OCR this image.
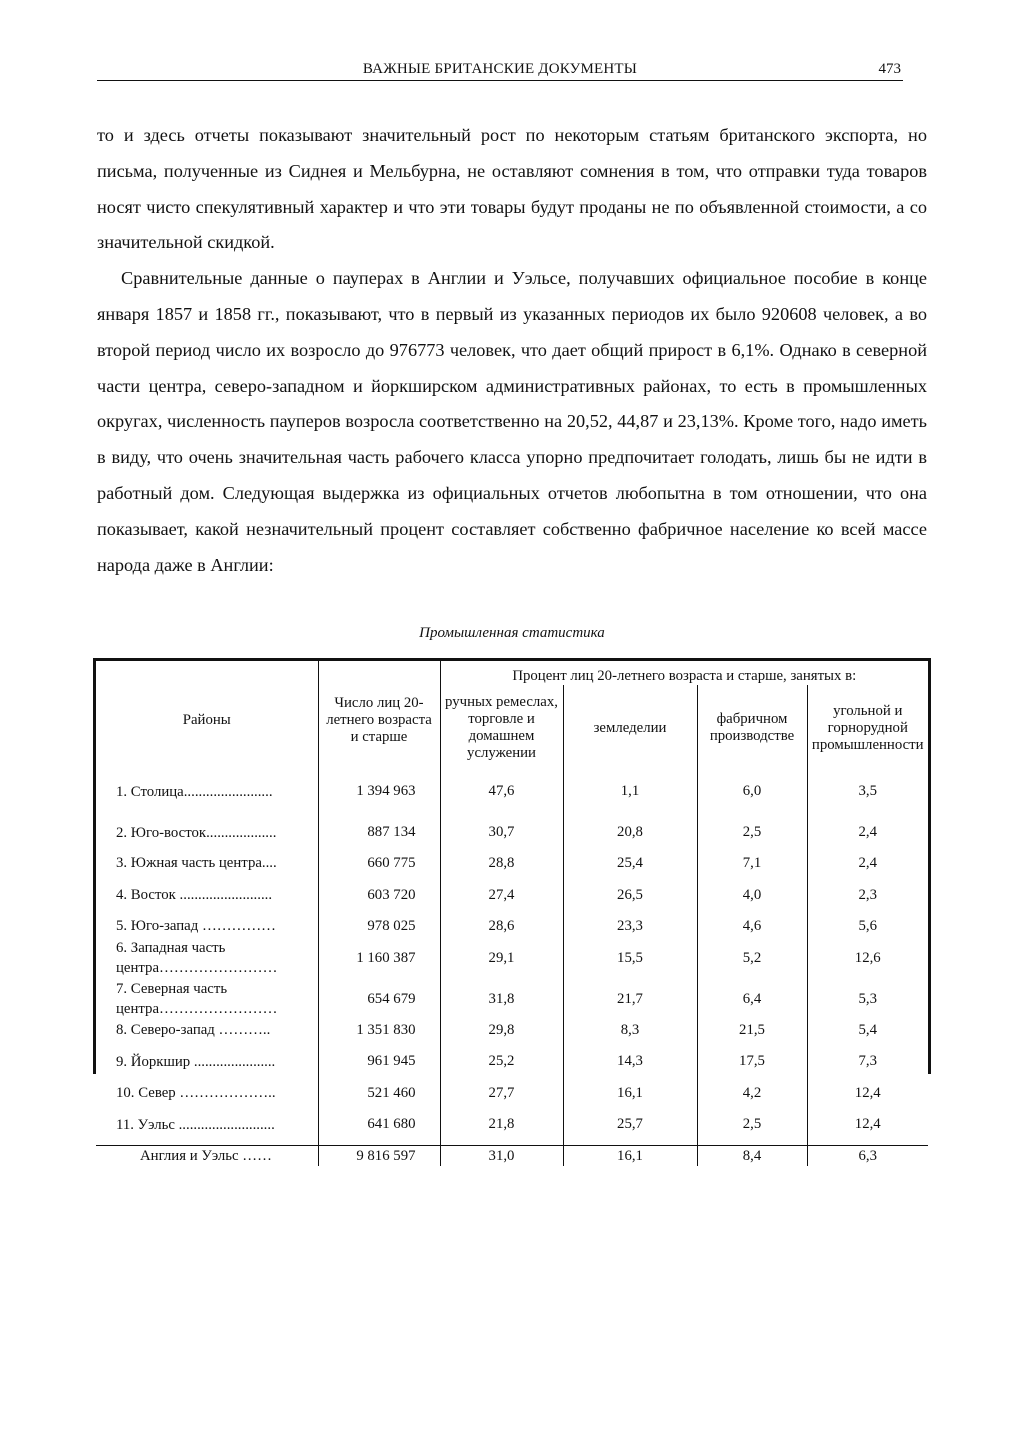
ВАЖНЫЕ БРИТАНСКИЕ ДОКУМЕНТЫ	473

то и здесь отчеты показывают значительный рост по некоторым статьям британского экспорта, но письма, полученные из Сиднея и Мельбурна, не оставляют сомнения в том, что отправки туда товаров носят чисто спекулятивный характер и что эти товары будут проданы не по объявленной стоимости, а со значительной скидкой.

Сравнительные данные о пауперах в Англии и Уэльсе, получавших официальное пособие в конце января 1857 и 1858 гг., показывают, что в первый из указанных периодов их было 920608 человек, а во второй период число их возросло до 976773 человек, что дает общий прирост в 6,1%. Однако в северной части центра, северо-западном и йоркширском административных районах, то есть в промышленных округах, численность пауперов возросла соответственно на 20,52, 44,87 и 23,13%. Кроме того, надо иметь в виду, что очень значительная часть рабочего класса упорно предпочитает голодать, лишь бы не идти в работный дом. Следующая выдержка из официальных отчетов любопытна в том отношении, что она показывает, какой незначительный процент составляет собственно фабричное население ко всей массе народа даже в Англии:

Промышленная статистика
Районы	Число лиц 20-летнего возраста и старше	Процент лиц 20-летнего возраста и старше, занятых в:			
		ручных ремеслах, торговле и домашнем услужении	земледелии	фабричном производстве	угольной и горнорудной промышленности
1. Столица........................	1 394 963	47,6	1,1	6,0	3,5
2. Юго-восток...................	887 134	30,7	20,8	2,5	2,4
3. Южная часть центра....	660 775	28,8	25,4	7,1	2,4
4. Восток .........................	603 720	27,4	26,5	4,0	2,3
5. Юго-запад ……………	978 025	28,6	23,3	4,6	5,6
6. Западная часть центра……………………	1 160 387	29,1	15,5	5,2	12,6
7. Северная часть центра……………………	654 679	31,8	21,7	6,4	5,3
8. Северо-запад ………..	1 351 830	29,8	8,3	21,5	5,4
9. Йоркшир ......................	961 945	25,2	14,3	17,5	7,3
10. Север ………………..	521 460	27,7	16,1	4,2	12,4
11. Уэльс ..........................	641 680	21,8	25,7	2,5	12,4
Англия и Уэльс ……	9 816 597	31,0	16,1	8,4	6,3
